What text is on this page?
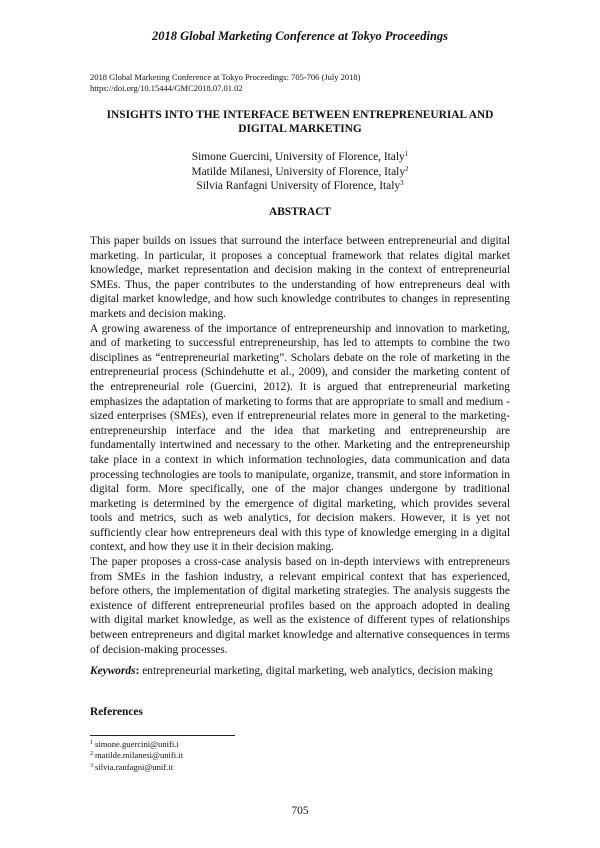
2018 Global Marketing Conference at Tokyo Proceedings
2018 Global Marketing Conference at Tokyo Proceedings: 705-706 (July 2018)
https://doi.org/10.15444/GMC2018.07.01.02
INSIGHTS INTO THE INTERFACE BETWEEN ENTREPRENEURIAL AND
DIGITAL MARKETING
Simone Guercini, University of Florence, Italy$^1$
Matilde Milanesi, University of Florence, Italy$^2$
Silvia Ranfagni University of Florence, Italy$^3$
ABSTRACT

This paper builds on issues that surround the interface between entrepreneurial and digital marketing. In particular, it proposes a conceptual framework that relates digital market knowledge, market representation and decision making in the context of entrepreneurial SMEs. Thus, the paper contributes to the understanding of how entrepreneurs deal with digital market knowledge, and how such knowledge contributes to changes in representing markets and decision making.

A growing awareness of the importance of entrepreneurship and innovation to marketing, and of marketing to successful entrepreneurship, has led to attempts to combine the two disciplines as “entrepreneurial marketing”. Scholars debate on the role of marketing in the entrepreneurial process (Schindehutte et al., 2009), and consider the marketing content of the entrepreneurial role (Guercini, 2012). It is argued that entrepreneurial marketing emphasizes the adaptation of marketing to forms that are appropriate to small and medium - sized enterprises (SMEs), even if entrepreneurial relates more in general to the marketing-entrepreneurship interface and the idea that marketing and entrepreneurship are fundamentally intertwined and necessary to the other. Marketing and the entrepreneurship take place in a context in which information technologies, data communication and data processing technologies are tools to manipulate, organize, transmit, and store information in digital form. More specifically, one of the major changes undergone by traditional marketing is determined by the emergence of digital marketing, which provides several tools and metrics, such as web analytics, for decision makers. However, it is yet not sufficiently clear how entrepreneurs deal with this type of knowledge emerging in a digital context, and how they use it in their decision making.

The paper proposes a cross-case analysis based on in-depth interviews with entrepreneurs from SMEs in the fashion industry, a relevant empirical context that has experienced, before others, the implementation of digital marketing strategies. The analysis suggests the existence of different entrepreneurial profiles based on the approach adopted in dealing with digital market knowledge, as well as the existence of different types of relationships between entrepreneurs and digital market knowledge and alternative consequences in terms of decision-making processes.

Keywords: entrepreneurial marketing, digital marketing, web analytics, decision making
References
$^1$ simone.guercini@unifi.i
$^2$ matilde.milanesi@unifi.it
$^3$ silvia.ranfagni@unif.it
705
